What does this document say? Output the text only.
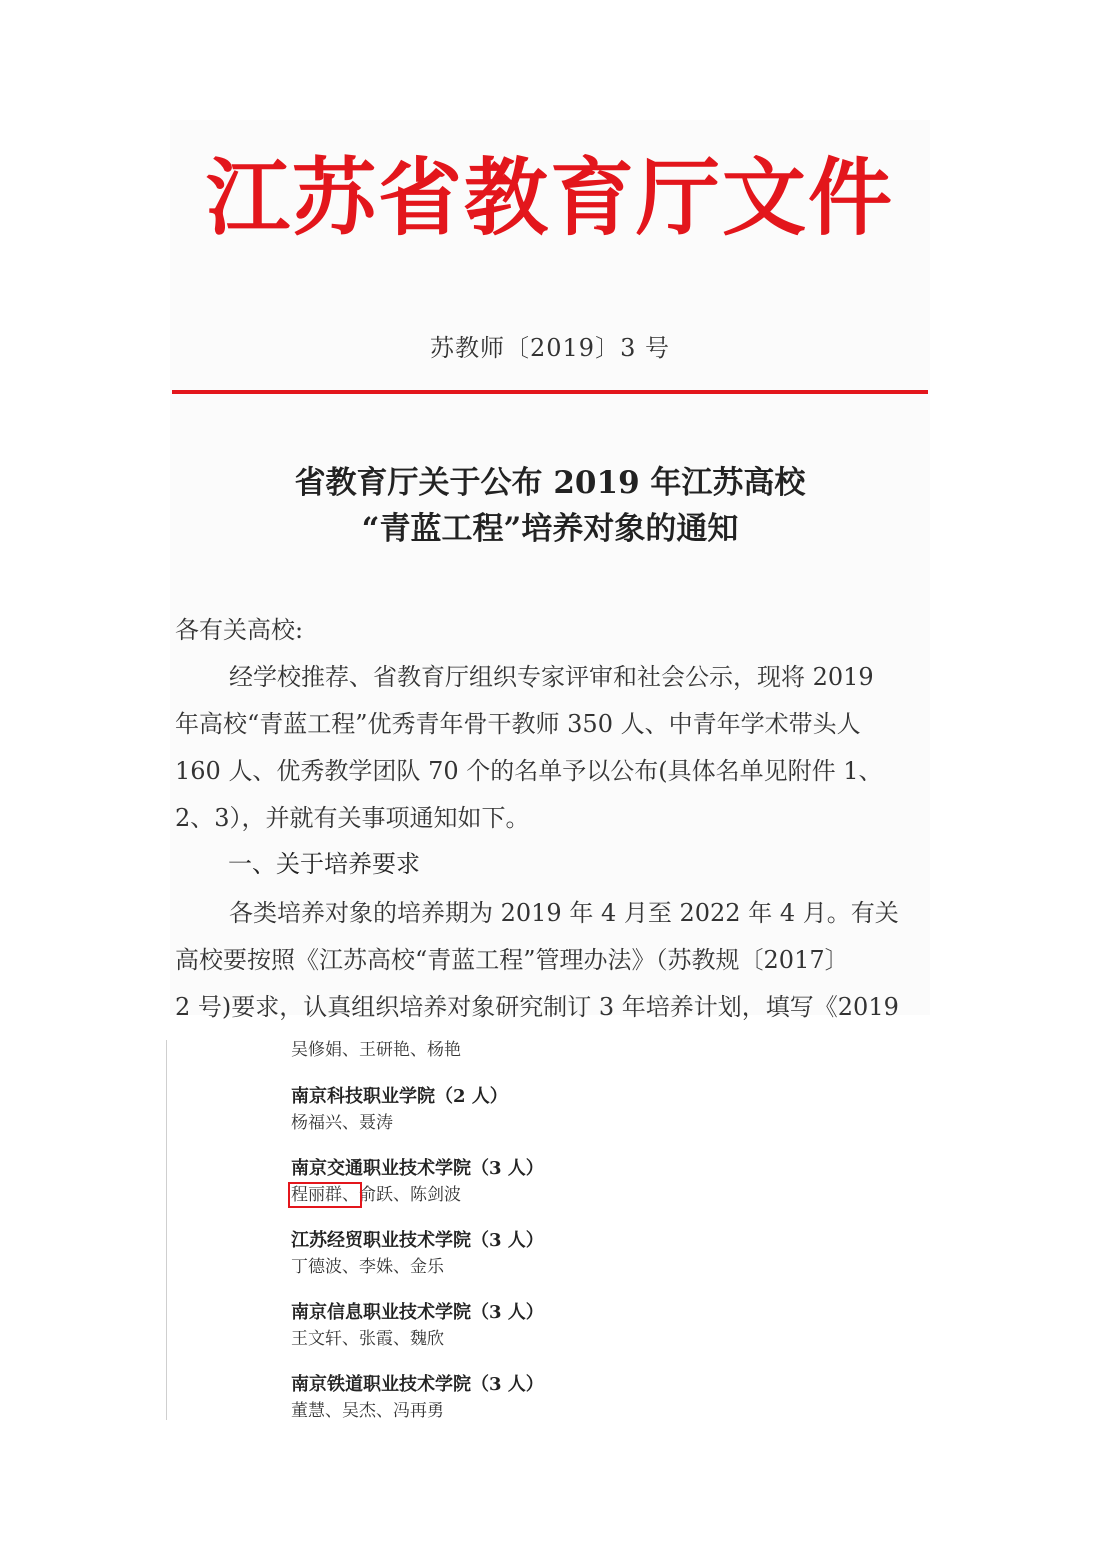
江苏省教育厅文件
苏教师〔2019〕3 号
省教育厅关于公布 2019 年江苏高校
“青蓝工程”培养对象的通知
各有关高校:
经学校推荐、省教育厅组织专家评审和社会公示，现将 2019
年高校“青蓝工程”优秀青年骨干教师 350 人、中青年学术带头人
160 人、优秀教学团队 70 个的名单予以公布(具体名单见附件 1、
2、3），并就有关事项通知如下。
一、关于培养要求
各类培养对象的培养期为 2019 年 4 月至 2022 年 4 月。有关
高校要按照《江苏高校“青蓝工程”管理办法》（苏教规〔2017〕
2 号)要求，认真组织培养对象研究制订 3 年培养计划，填写《2019
吴修娟、王研艳、杨艳
南京科技职业学院（2 人）
杨福兴、聂涛
南京交通职业技术学院（3 人）
程丽群、俞跃、陈剑波
江苏经贸职业技术学院（3 人）
丁德波、李姝、金乐
南京信息职业技术学院（3 人）
王文轩、张霞、魏欣
南京铁道职业技术学院（3 人）
董慧、吴杰、冯再勇
